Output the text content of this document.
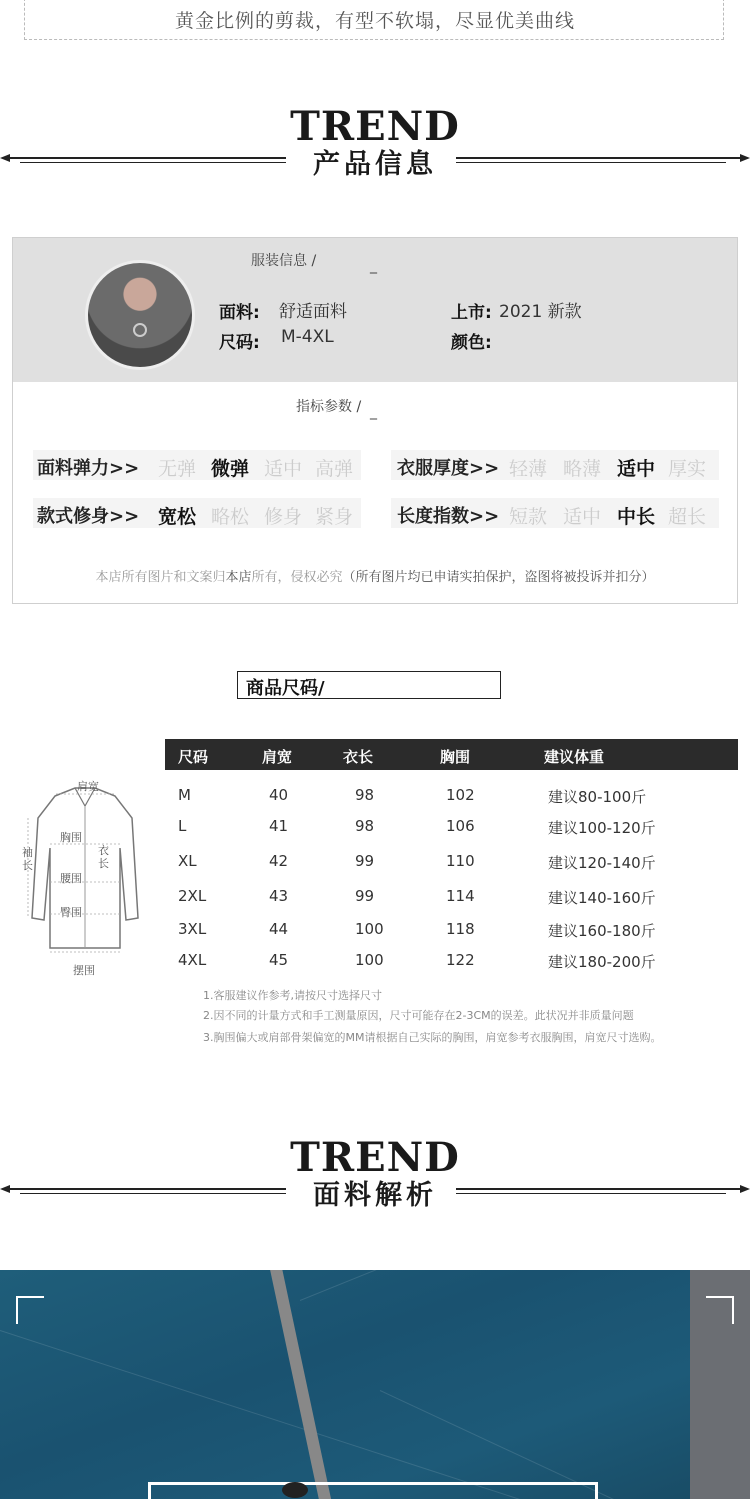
黄金比例的剪裁，有型不软塌，尽显优美曲线
TREND
产品信息
服装信息 /	_
面料: 舒适面料	上市: 2021 新款
尺码: M-4XL	颜色:
指标参数 / _
面料弹力>> 无弹 微弹 适中 高弹 衣服厚度>> 轻薄 略薄 适中 厚实
款式修身>> 宽松 略松 修身 紧身 长度指数>> 短款 适中 中长 超长
本店所有图片和文案归本店所有，侵权必究（所有图片均已申请实拍保护，盗图将被投诉并扣分）
商品尺码/
尺码	肩宽	衣长	胸围	建议体重
M	40	98	102	建议80-100斤
L	41	98	106	建议100-120斤
XL	42	99	110	建议120-140斤
2XL	43	99	114	建议140-160斤
3XL	44	100	118	建议160-180斤
4XL	45	100	122	建议180-200斤
肩宽
胸围
衣长
袖长
腰围
臀围
摆围
1.客服建议作参考,请按尺寸选择尺寸
2.因不同的计量方式和手工测量原因，尺寸可能存在2-3CM的误差。此状况并非质量问题
3.胸围偏大或肩部骨架偏宽的MM请根据自己实际的胸围，肩宽参考衣服胸围，肩宽尺寸选购。
TREND
面料解析
